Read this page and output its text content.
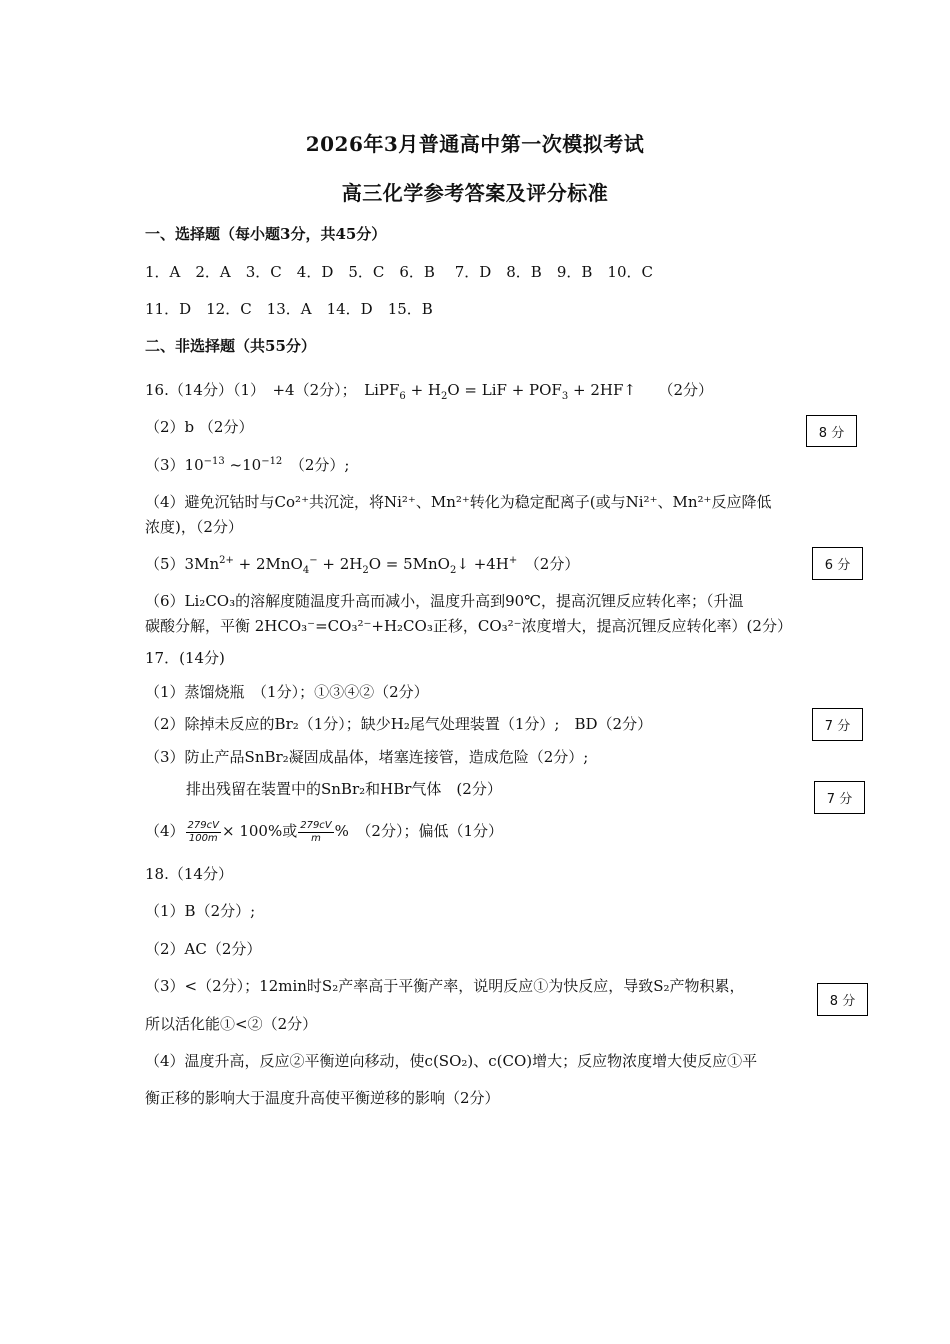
2026年3月普通高中第一次模拟考试
高三化学参考答案及评分标准
一、选择题（每小题3分，共45分）
1．A　2．A　3．C　4．D　5．C　6．B　 7．D　8．B　9．B　10．C
11．D　12．C　13．A　14．D　15．B
二、非选择题（共55分）
16.（14分）（1）　+4（2分）；　LiPF$_6$ + $H_2O$ = LiF + $POF_3$ + 2HF↑　　 （2分）
（2）b （2分）
$(3)10^{-13}$ $\sim 10^{-12}$　 （2分）;
（4）避免沉钴时与Co²⁺共沉淀，将Ni²⁺、Mn²⁺转化为稳定配离子(或与Ni²⁺、Mn²⁺反应降低
浓度)，（2分）
$(5)3Mn^{2+} + 2MnO_4^- + 2H_2O$ = 5MnO$_2$↓ +4H+　 （2分）
（6）Li₂CO₃的溶解度随温度升高而减小，温度升高到90℃，提高沉锂反应转化率；（升温
碳酸分解，平衡 2HCO₃⁻=CO₃²⁻+H₂CO₃正移，CO₃²⁻浓度增大，提高沉锂反应转化率）(2分）
17．(14分)
（1）蒸馏烧瓶　（1分）；①③④②（2分）
（2）除掉未反应的Br₂（1分）；缺少H₂尾气处理装置（1分）;　BD（2分）
（3）防止产品SnBr₂凝固成晶体，堵塞连接管，造成危险（2分）;
排出残留在装置中的SnBr₂和HBr气体　(2分）
$(4) \frac{279cV}{100m} \times 100\%$或 $\frac{279cV}{m}$ %　（2分）；偏低（1分）
18.（14分）
（1）B（2分）;
（2）AC（2分）
（3）<（2分）；12min时S₂产率高于平衡产率，说明反应①为快反应，导致S₂产物积累，
所以活化能①<②（2分）
（4）温度升高，反应②平衡逆向移动，使c(SO₂)、c(CO)增大；反应物浓度增大使反应①平
衡正移的影响大于温度升高使平衡逆移的影响（2分）
8 分
6 分
7 分
7 分
8 分
